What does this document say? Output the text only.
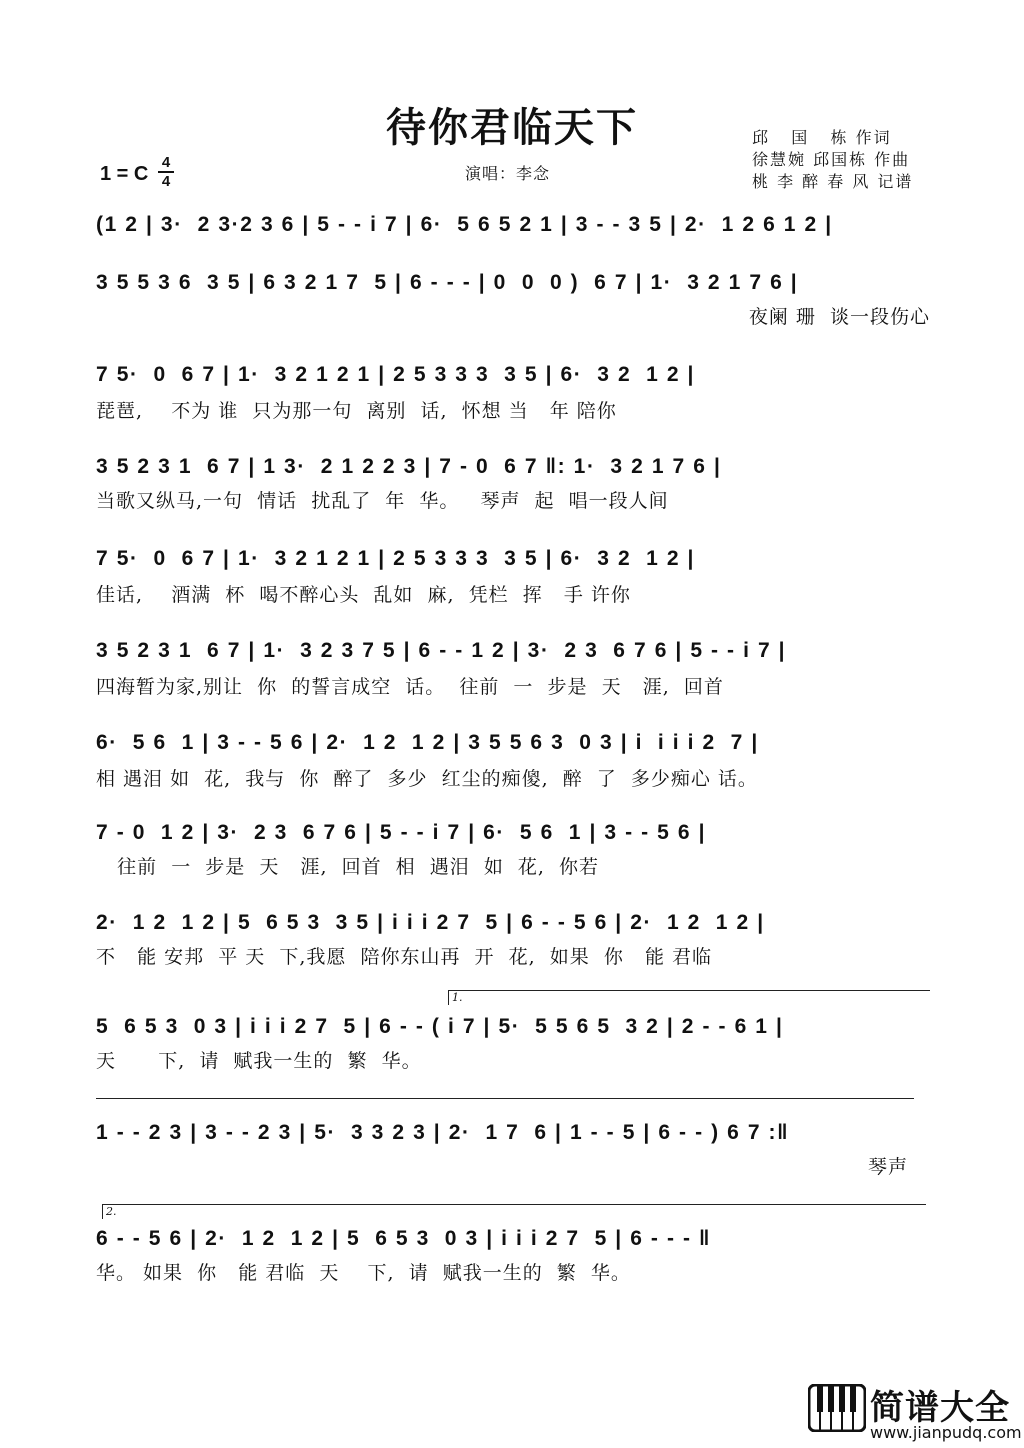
待你君临天下	邱   国   栋 作词
徐慧婉 邱国栋 作曲
桃 李 醉 春 风 记谱
演唱：李念
1 = C
4
4
(1 2 | 3·  2 3·2 3 6 | 5 - - i 7 | 6·  5 6 5 2 1 | 3 - - 3 5 | 2·  1 2 6 1 2 |
3 5 5 3 6  3 5 | 6 3 2 1 7  5 | 6 - - - | 0  0  0 )  6 7 | 1·  3 2 1 7 6 |
夜阑 珊  谈一段伤心
7 5·  0  6 7 | 1·  3 2 1 2 1 | 2 5 3 3 3  3 5 | 6·  3 2  1 2 |
琵琶,    不为 谁  只为那一句  离别  话,  怀想 当   年 陪你
3 5 2 3 1  6 7 | 1 3·  2 1 2 2 3 | 7 - 0  6 7 ‖: 1·  3 2 1 7 6 |
当歌又纵马,一句  情话  扰乱了  年  华。   琴声  起  唱一段人间
7 5·  0  6 7 | 1·  3 2 1 2 1 | 2 5 3 3 3  3 5 | 6·  3 2  1 2 |
佳话,    酒满  杯  喝不醉心头  乱如  麻,  凭栏  挥   手 许你
3 5 2 3 1  6 7 | 1·  3 2 3 7 5 | 6 - - 1 2 | 3·  2 3  6 7 6 | 5 - - i 7 |
四海暂为家,别让  你  的誓言成空  话。  往前  一  步是  天   涯,  回首
6·  5 6  1 | 3 - - 5 6 | 2·  1 2  1 2 | 3 5 5 6 3  0 3 | i  i i i 2  7 |
相 遇泪 如  花,  我与  你  醉了  多少  红尘的痴傻,  醉  了  多少痴心 话。
7 - 0  1 2 | 3·  2 3  6 7 6 | 5 - - i 7 | 6·  5 6  1 | 3 - - 5 6 |
往前  一  步是  天   涯,  回首  相  遇泪  如  花,  你若
2·  1 2  1 2 | 5  6 5 3  3 5 | i i i 2 7  5 | 6 - - 5 6 | 2·  1 2  1 2 |
不   能 安邦  平 天  下,我愿  陪你东山再  开  花,  如果  你   能 君临
1.
5  6 5 3  0 3 | i i i 2 7  5 | 6 - - ( i 7 | 5·  5 5 6 5  3 2 | 2 - - 6 1 |
天      下,  请  赋我一生的  繁  华。
1 - - 2 3 | 3 - - 2 3 | 5·  3 3 2 3 | 2·  1 7  6 | 1 - - 5 | 6 - - ) 6 7 :‖
琴声
2.
6 - - 5 6 | 2·  1 2  1 2 | 5  6 5 3  0 3 | i i i 2 7  5 | 6 - - - ‖
华。 如果  你   能 君临  天    下,  请  赋我一生的  繁  华。
简谱大全
www.jianpudq.com
